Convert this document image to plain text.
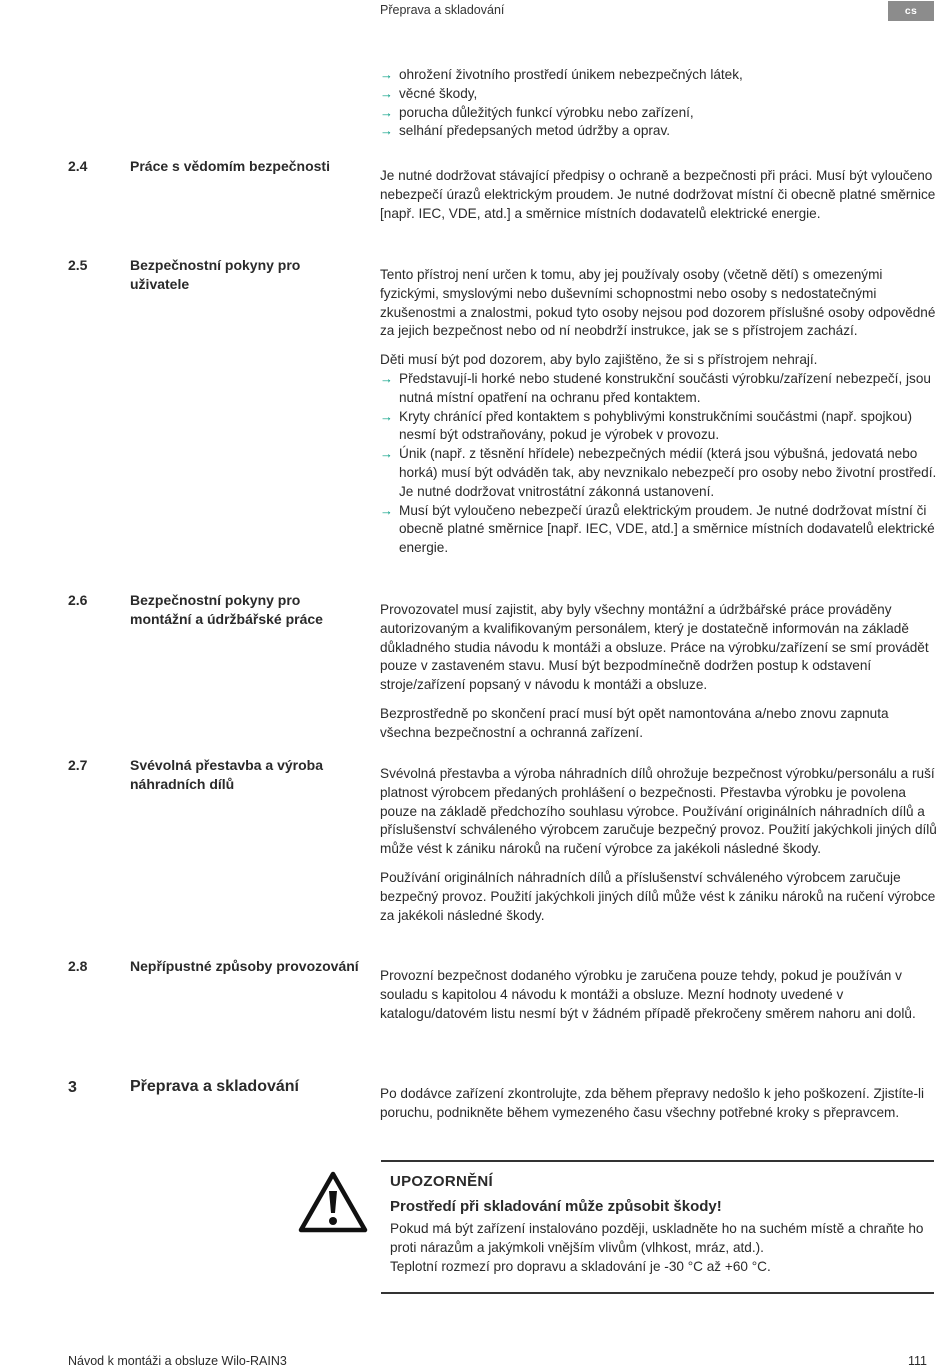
Přeprava a skladování	cs
→ ohrožení životního prostředí únikem nebezpečných látek,
→ věcné škody,
→ porucha důležitých funkcí výrobku nebo zařízení,
→ selhání předepsaných metod údržby a oprav.
2.4	Práce s vědomím bezpečnosti

Je nutné dodržovat stávající předpisy o ochraně a bezpečnosti při práci. Musí být vyloučeno nebezpečí úrazů elektrickým proudem. Je nutné dodržovat místní či obecně platné směrnice [např. IEC, VDE, atd.] a směrnice místních dodavatelů elektrické energie.

2.5	Bezpečnostní pokyny pro uživatele

Tento přístroj není určen k tomu, aby jej používaly osoby (včetně dětí) s omezenými fyzickými, smyslovými nebo duševními schopnostmi nebo osoby s nedostatečnými zkušenostmi a znalostmi, pokud tyto osoby nejsou pod dozorem příslušné osoby odpovědné za jejich bezpečnost nebo od ní neobdrží instrukce, jak se s přístrojem zachází.

Děti musí být pod dozorem, aby bylo zajištěno, že si s přístrojem nehrají.

→ Představují-li horké nebo studené konstrukční součásti výrobku/zařízení nebezpečí, jsou nutná místní opatření na ochranu před kontaktem.
→ Kryty chránící před kontaktem s pohyblivými konstrukčními součástmi (např. spojkou) nesmí být odstraňovány, pokud je výrobek v provozu.
→ Únik (např. z těsnění hřídele) nebezpečných médií (která jsou výbušná, jedovatá nebo horká) musí být odváděn tak, aby nevznikalo nebezpečí pro osoby nebo životní prostředí. Je nutné dodržovat vnitrostátní zákonná ustanovení.
→ Musí být vyloučeno nebezpečí úrazů elektrickým proudem. Je nutné dodržovat místní či obecně platné směrnice [např. IEC, VDE, atd.] a směrnice místních dodavatelů elektrické energie.
2.6	Bezpečnostní pokyny pro montážní a údržbářské práce

Provozovatel musí zajistit, aby byly všechny montážní a údržbářské práce prováděny autorizovaným a kvalifikovaným personálem, který je dostatečně informován na základě důkladného studia návodu k montáži a obsluze. Práce na výrobku/zařízení se smí provádět pouze v zastaveném stavu. Musí být bezpodmínečně dodržen postup k odstavení stroje/zařízení popsaný v návodu k montáži a obsluze.

Bezprostředně po skončení prací musí být opět namontována a/nebo znovu zapnuta všechna bezpečnostní a ochranná zařízení.

2.7	Svévolná přestavba a výroba náhradních dílů

Svévolná přestavba a výroba náhradních dílů ohrožuje bezpečnost výrobku/personálu a ruší platnost výrobcem předaných prohlášení o bezpečnosti. Přestavba výrobku je povolena pouze na základě předchozího souhlasu výrobce. Používání originálních náhradních dílů a příslušenství schváleného výrobcem zaručuje bezpečný provoz. Použití jakýchkoli jiných dílů může vést k zániku nároků na ručení výrobce za jakékoli následné škody.

Používání originálních náhradních dílů a příslušenství schváleného výrobcem zaručuje bezpečný provoz. Použití jakýchkoli jiných dílů může vést k zániku nároků na ručení výrobce za jakékoli následné škody.

2.8	Nepřípustné způsoby provozování

Provozní bezpečnost dodaného výrobku je zaručena pouze tehdy, pokud je používán v souladu s kapitolou 4 návodu k montáži a obsluze. Mezní hodnoty uvedené v katalogu/datovém listu nesmí být v žádném případě překročeny směrem nahoru ani dolů.

3	Přeprava a skladování	Po dodávce zařízení zkontrolujte, zda během přepravy nedošlo k jeho poškození. Zjistíte-li poruchu, podnikněte během vymezeného času všechny potřebné kroky s přepravcem.

UPOZORNĚNÍ
Prostředí při skladování může způsobit škody!

Pokud má být zařízení instalováno později, uskladněte ho na suchém místě a chraňte ho proti nárazům a jakýmkoli vnějším vlivům (vlhkost, mráz, atd.).

Teplotní rozmezí pro dopravu a skladování je -30 °C až +60 °C.

Návod k montáži a obsluze Wilo-RAIN3	111
